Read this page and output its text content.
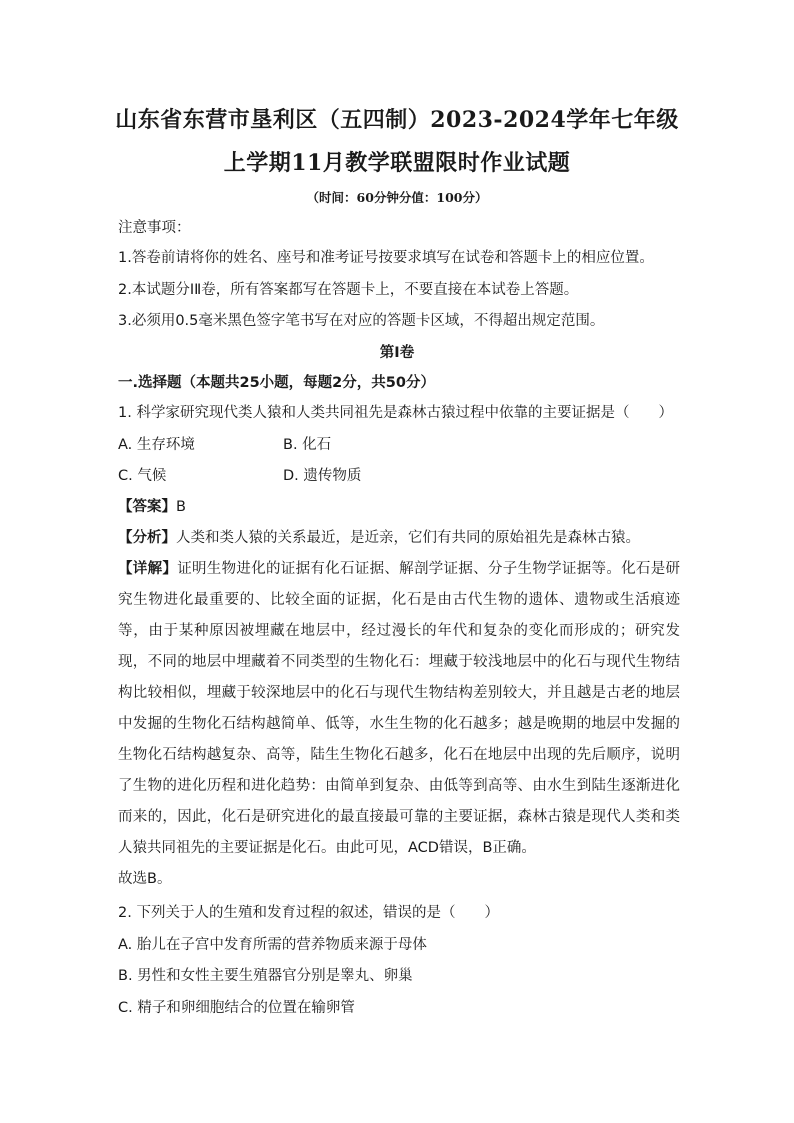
山东省东营市垦利区（五四制）2023-2024学年七年级
上学期11月教学联盟限时作业试题
（时间：60分钟分值：100分）
注意事项：
1.答卷前请将你的姓名、座号和准考证号按要求填写在试卷和答题卡上的相应位置。
2.本试题分ⅠⅡ卷，所有答案都写在答题卡上，不要直接在本试卷上答题。
3.必须用0.5毫米黑色签字笔书写在对应的答题卡区域，不得超出规定范围。
第Ⅰ卷
一.选择题（本题共25小题，每题2分，共50分）
1. 科学家研究现代类人猿和人类共同祖先是森林古猿过程中依靠的主要证据是（　　）
A. 生存环境	B. 化石
C. 气候	D. 遗传物质
【答案】B
【分析】人类和类人猿的关系最近，是近亲，它们有共同的原始祖先是森林古猿。
【详解】证明生物进化的证据有化石证据、解剖学证据、分子生物学证据等。化石是研究生物进化最重要的、比较全面的证据，化石是由古代生物的遗体、遗物或生活痕迹等，由于某种原因被埋藏在地层中，经过漫长的年代和复杂的变化而形成的；研究发现，不同的地层中埋藏着不同类型的生物化石：埋藏于较浅地层中的化石与现代生物结构比较相似，埋藏于较深地层中的化石与现代生物结构差别较大，并且越是古老的地层中发掘的生物化石结构越简单、低等，水生生物的化石越多；越是晚期的地层中发掘的生物化石结构越复杂、高等，陆生生物化石越多，化石在地层中出现的先后顺序，说明了生物的进化历程和进化趋势：由简单到复杂、由低等到高等、由水生到陆生逐渐进化而来的，因此，化石是研究进化的最直接最可靠的主要证据，森林古猿是现代人类和类人猿共同祖先的主要证据是化石。由此可见，ACD错误，B正确。
故选B。
2. 下列关于人的生殖和发育过程的叙述，错误的是（　　）
A. 胎儿在子宫中发育所需的营养物质来源于母体
B. 男性和女性主要生殖器官分别是睾丸、卵巢
C. 精子和卵细胞结合的位置在输卵管
